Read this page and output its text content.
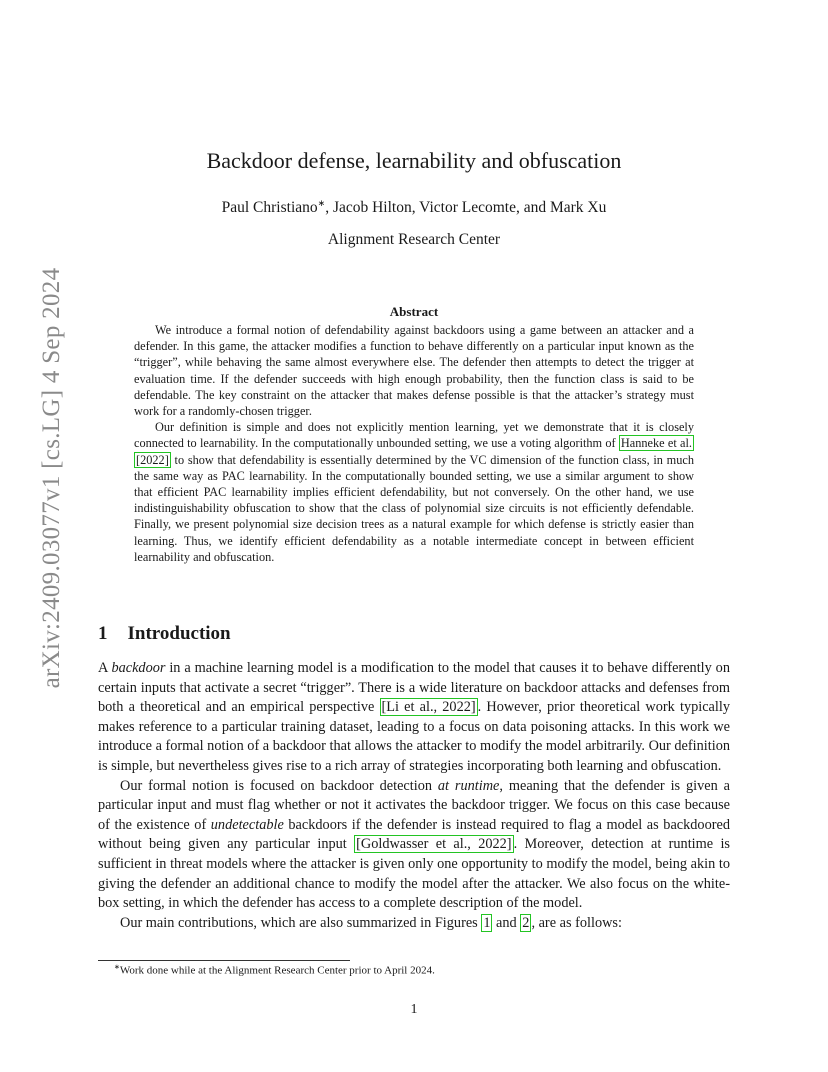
arXiv:2409.03077v1 [cs.LG] 4 Sep 2024
Backdoor defense, learnability and obfuscation
Paul Christiano∗, Jacob Hilton, Victor Lecomte, and Mark Xu
Alignment Research Center
Abstract

We introduce a formal notion of defendability against backdoors using a game between an attacker and a defender. In this game, the attacker modifies a function to behave differently on a particular input known as the “trigger”, while behaving the same almost everywhere else. The defender then attempts to detect the trigger at evaluation time. If the defender succeeds with high enough probability, then the function class is said to be defendable. The key constraint on the attacker that makes defense possible is that the attacker’s strategy must work for a randomly-chosen trigger.

Our definition is simple and does not explicitly mention learning, yet we demonstrate that it is closely connected to learnability. In the computationally unbounded setting, we use a voting algorithm of Hanneke et al. [2022] to show that defendability is essentially determined by the VC dimension of the function class, in much the same way as PAC learnability. In the computationally bounded setting, we use a similar argument to show that efficient PAC learnability implies efficient defendability, but not conversely. On the other hand, we use indistinguishability obfuscation to show that the class of polynomial size circuits is not efficiently defendable. Finally, we present polynomial size decision trees as a natural example for which defense is strictly easier than learning. Thus, we identify efficient defendability as a notable intermediate concept in between efficient learnability and obfuscation.

1 Introduction

A backdoor in a machine learning model is a modification to the model that causes it to behave differently on certain inputs that activate a secret “trigger”. There is a wide literature on backdoor attacks and defenses from both a theoretical and an empirical perspective [Li et al., 2022] . However, prior theoretical work typically makes reference to a particular training dataset, leading to a focus on data poisoning attacks. In this work we introduce a formal notion of a backdoor that allows the attacker to modify the model arbitrarily. Our definition is simple, but nevertheless gives rise to a rich array of strategies incorporating both learning and obfuscation.

Our formal notion is focused on backdoor detection at runtime, meaning that the defender is given a particular input and must flag whether or not it activates the backdoor trigger. We focus on this case because of the existence of undetectable backdoors if the defender is instead required to flag a model as backdoored without being given any particular input [Goldwasser et al., 2022] . Moreover, detection at runtime is sufficient in threat models where the attacker is given only one opportunity to modify the model, being akin to giving the defender an additional chance to modify the model after the attacker. We also focus on the white-box setting, in which the defender has access to a complete description of the model.

Our main contributions, which are also summarized in Figures 1 and 2 , are as follows:

∗Work done while at the Alignment Research Center prior to April 2024.
1
